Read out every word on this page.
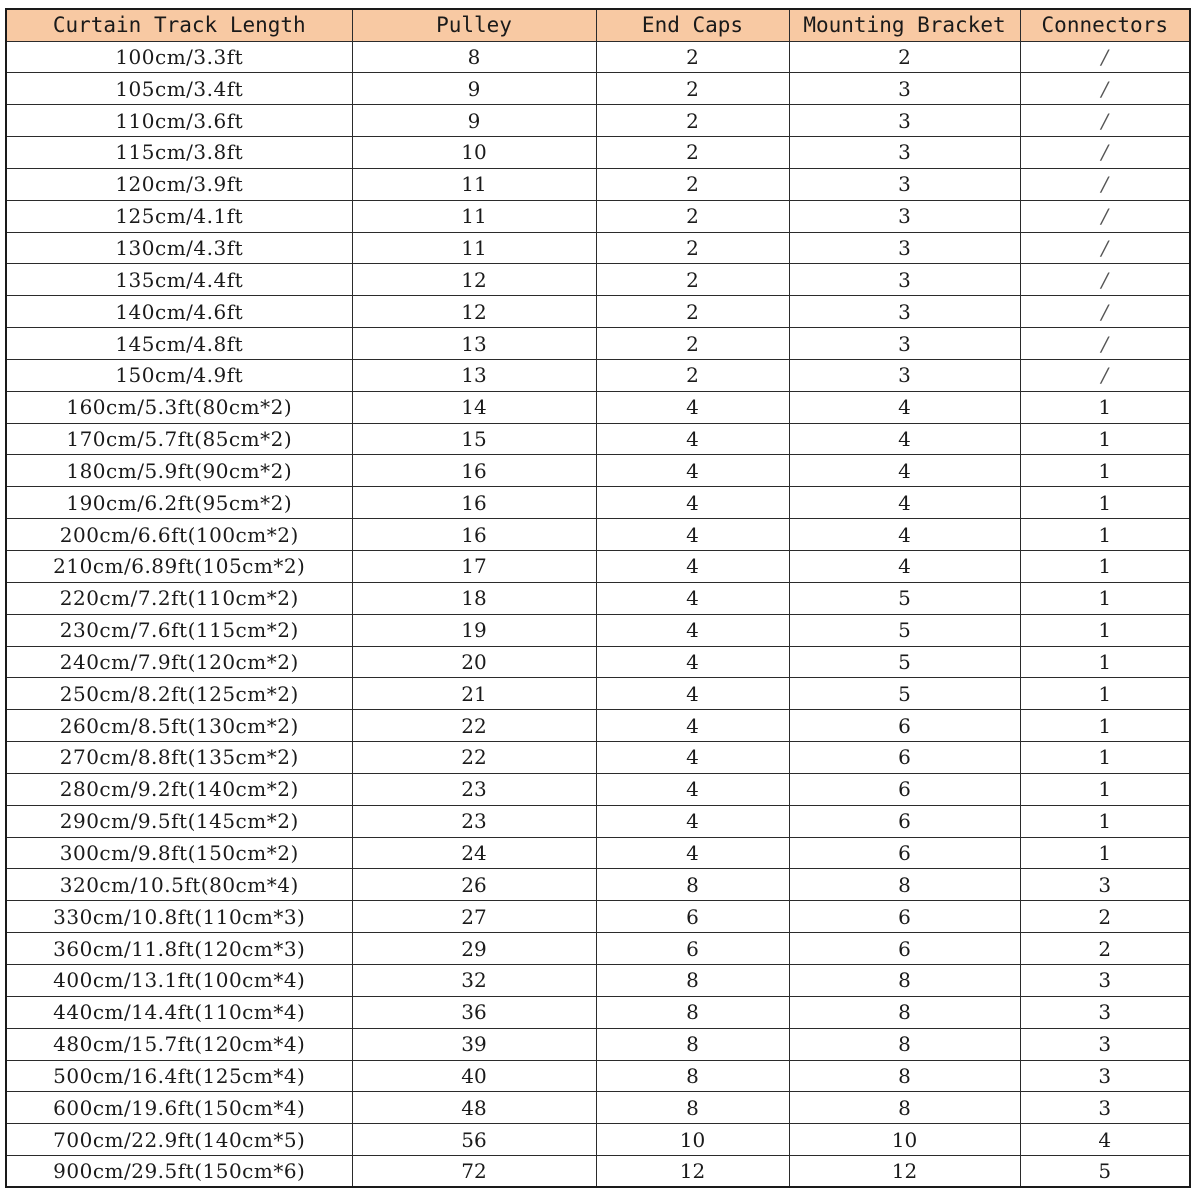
Curtain Track Length	Pulley	End Caps	Mounting Bracket	Connectors
100cm/3.3ft	8	2	2	/
105cm/3.4ft	9	2	3	/
110cm/3.6ft	9	2	3	/
115cm/3.8ft	10	2	3	/
120cm/3.9ft	11	2	3	/
125cm/4.1ft	11	2	3	/
130cm/4.3ft	11	2	3	/
135cm/4.4ft	12	2	3	/
140cm/4.6ft	12	2	3	/
145cm/4.8ft	13	2	3	/
150cm/4.9ft	13	2	3	/
160cm/5.3ft(80cm*2)	14	4	4	1
170cm/5.7ft(85cm*2)	15	4	4	1
180cm/5.9ft(90cm*2)	16	4	4	1
190cm/6.2ft(95cm*2)	16	4	4	1
200cm/6.6ft(100cm*2)	16	4	4	1
210cm/6.89ft(105cm*2)	17	4	4	1
220cm/7.2ft(110cm*2)	18	4	5	1
230cm/7.6ft(115cm*2)	19	4	5	1
240cm/7.9ft(120cm*2)	20	4	5	1
250cm/8.2ft(125cm*2)	21	4	5	1
260cm/8.5ft(130cm*2)	22	4	6	1
270cm/8.8ft(135cm*2)	22	4	6	1
280cm/9.2ft(140cm*2)	23	4	6	1
290cm/9.5ft(145cm*2)	23	4	6	1
300cm/9.8ft(150cm*2)	24	4	6	1
320cm/10.5ft(80cm*4)	26	8	8	3
330cm/10.8ft(110cm*3)	27	6	6	2
360cm/11.8ft(120cm*3)	29	6	6	2
400cm/13.1ft(100cm*4)	32	8	8	3
440cm/14.4ft(110cm*4)	36	8	8	3
480cm/15.7ft(120cm*4)	39	8	8	3
500cm/16.4ft(125cm*4)	40	8	8	3
600cm/19.6ft(150cm*4)	48	8	8	3
700cm/22.9ft(140cm*5)	56	10	10	4
900cm/29.5ft(150cm*6)	72	12	12	5
